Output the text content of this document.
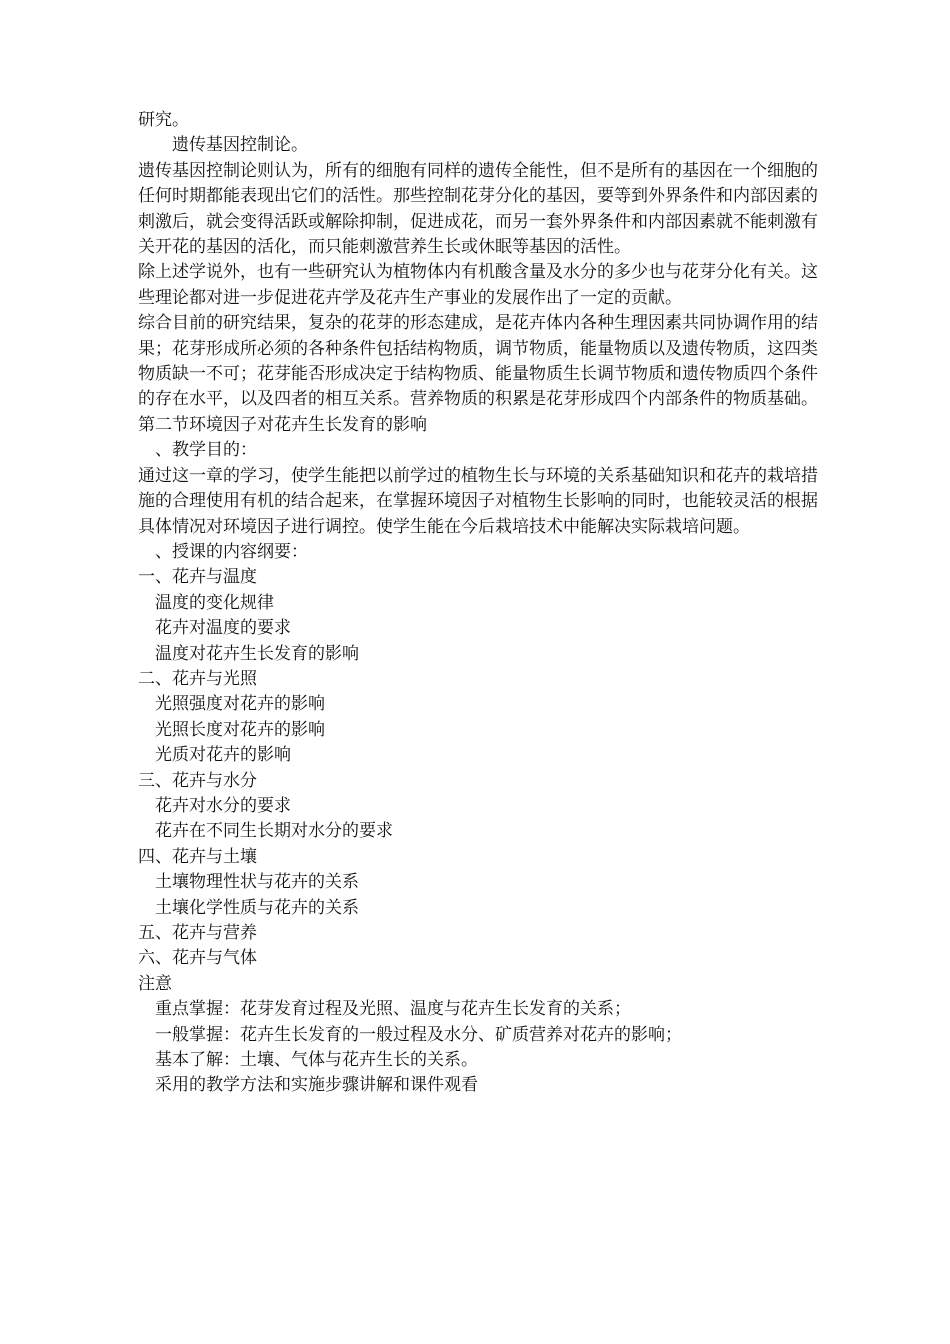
研究。
遗传基因控制论。

遗传基因控制论则认为，所有的细胞有同样的遗传全能性，但不是所有的基因在一个细胞的任何时期都能表现出它们的活性。那些控制花芽分化的基因，要等到外界条件和内部因素的刺激后，就会变得活跃或解除抑制，促进成花，而另一套外界条件和内部因素就不能刺激有关开花的基因的活化，而只能刺激营养生长或休眠等基因的活性。

除上述学说外，也有一些研究认为植物体内有机酸含量及水分的多少也与花芽分化有关。这些理论都对进一步促进花卉学及花卉生产事业的发展作出了一定的贡献。

综合目前的研究结果，复杂的花芽的形态建成，是花卉体内各种生理因素共同协调作用的结果；花芽形成所必须的各种条件包括结构物质，调节物质，能量物质以及遗传物质，这四类物质缺一不可；花芽能否形成决定于结构物质、能量物质生长调节物质和遗传物质四个条件的存在水平，以及四者的相互关系。营养物质的积累是花芽形成四个内部条件的物质基础。

第二节环境因子对花卉生长发育的影响
、教学目的：

通过这一章的学习，使学生能把以前学过的植物生长与环境的关系基础知识和花卉的栽培措施的合理使用有机的结合起来，在掌握环境因子对植物生长影响的同时，也能较灵活的根据具体情况对环境因子进行调控。使学生能在今后栽培技术中能解决实际栽培问题。

、授课的内容纲要：
一、花卉与温度
温度的变化规律
花卉对温度的要求
温度对花卉生长发育的影响
二、花卉与光照
光照强度对花卉的影响
光照长度对花卉的影响
光质对花卉的影响
三、花卉与水分
花卉对水分的要求
花卉在不同生长期对水分的要求
四、花卉与土壤
土壤物理性状与花卉的关系
土壤化学性质与花卉的关系
五、花卉与营养
六、花卉与气体
注意
重点掌握：花芽发育过程及光照、温度与花卉生长发育的关系；
一般掌握：花卉生长发育的一般过程及水分、矿质营养对花卉的影响；
基本了解：土壤、气体与花卉生长的关系。
采用的教学方法和实施步骤讲解和课件观看
